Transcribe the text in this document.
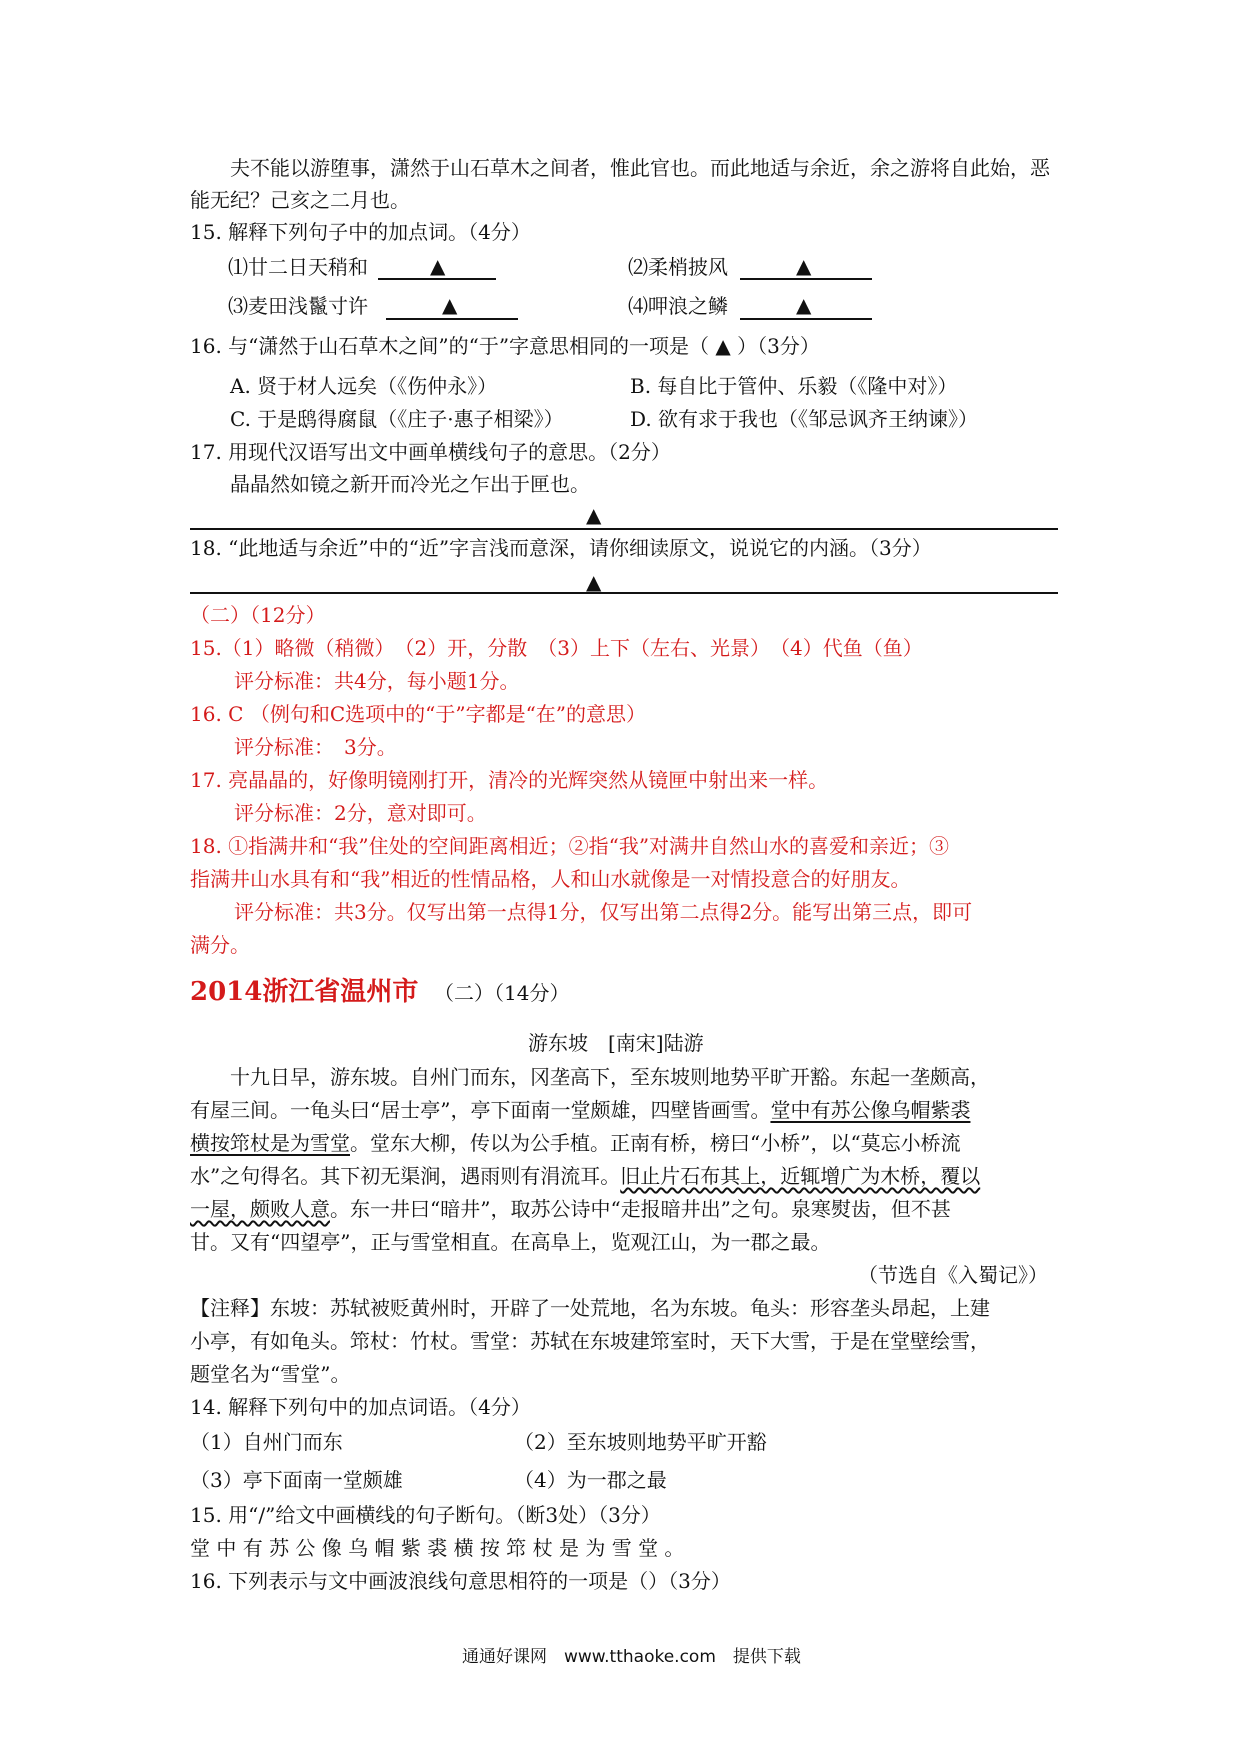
夫不能以游堕事，潇然于山石草木之间者，惟此官也。而此地适与余近，余之游将自此始，恶
能无纪？己亥之二月也。
15. 解释下列句子中的加点词。（4分）
⑴廿二日天稍和	▲	⑵柔梢披风	▲
⑶麦田浅鬣寸许	▲	⑷呷浪之鳞	▲
16. 与“潇然于山石草木之间”的“于”字意思相同的一项是（ ▲ ）（3分）
A. 贤于材人远矣（《伤仲永》）	B. 每自比于管仲、乐毅（《隆中对》）
C. 于是鸱得腐鼠（《庄子·惠子相梁》）	D. 欲有求于我也（《邹忌讽齐王纳谏》）
17. 用现代汉语写出文中画单横线句子的意思。（2分）
晶晶然如镜之新开而冷光之乍出于匣也。
▲
18. “此地适与余近”中的“近”字言浅而意深，请你细读原文，说说它的内涵。（3分）
▲
（二）（12分）
15.（1）略微（稍微）　（2）开，分散　（3）上下（左右、光景）　（4）代鱼（鱼）
评分标准：共4分，每小题1分。
16. C （例句和C选项中的“于”字都是“在”的意思）
评分标准：　3分。
17. 亮晶晶的，好像明镜刚打开，清冷的光辉突然从镜匣中射出来一样。
评分标准：2分，意对即可。
18. ①指满井和“我”住处的空间距离相近；②指“我”对满井自然山水的喜爱和亲近；③
指满井山水具有和“我”相近的性情品格，人和山水就像是一对情投意合的好朋友。
评分标准：共3分。仅写出第一点得1分，仅写出第二点得2分。能写出第三点，即可
满分。
2014浙江省温州市 （二）（14分）
游东坡　[南宋]陆游
十九日早，游东坡。自州门而东，冈垄高下，至东坡则地势平旷开豁。东起一垄颇高，
有屋三间。一龟头曰“居士亭”，亭下面南一堂颇雄，四壁皆画雪。堂中有苏公像乌帽紫裘
横按筇杖是为雪堂。堂东大柳，传以为公手植。正南有桥，榜曰“小桥”，以“莫忘小桥流
水”之句得名。其下初无渠涧，遇雨则有涓流耳。旧止片石布其上，近辄增广为木桥，覆以
一屋，颇败人意。东一井曰“暗井”，取苏公诗中“走报暗井出”之句。泉寒熨齿，但不甚
甘。又有“四望亭”，正与雪堂相直。在高阜上，览观江山，为一郡之最。
（节选自《入蜀记》）
【注释】东坡：苏轼被贬黄州时，开辟了一处荒地，名为东坡。龟头：形容垄头昂起，上建
小亭，有如龟头。筇杖：竹杖。雪堂：苏轼在东坡建筇室时，天下大雪，于是在堂壁绘雪，
题堂名为“雪堂”。
14. 解释下列句中的加点词语。（4分）
（1）自州门而东	（2）至东坡则地势平旷开豁
（3）亭下面南一堂颇雄	（4）为一郡之最
15. 用“/”给文中画横线的句子断句。（断3处）（3分）
堂 中 有 苏 公 像 乌 帽 紫 裘 横 按 筇 杖 是 为 雪 堂 。
16. 下列表示与文中画波浪线句意思相符的一项是（）（3分）
通通好课网　www.tthaoke.com　提供下载
